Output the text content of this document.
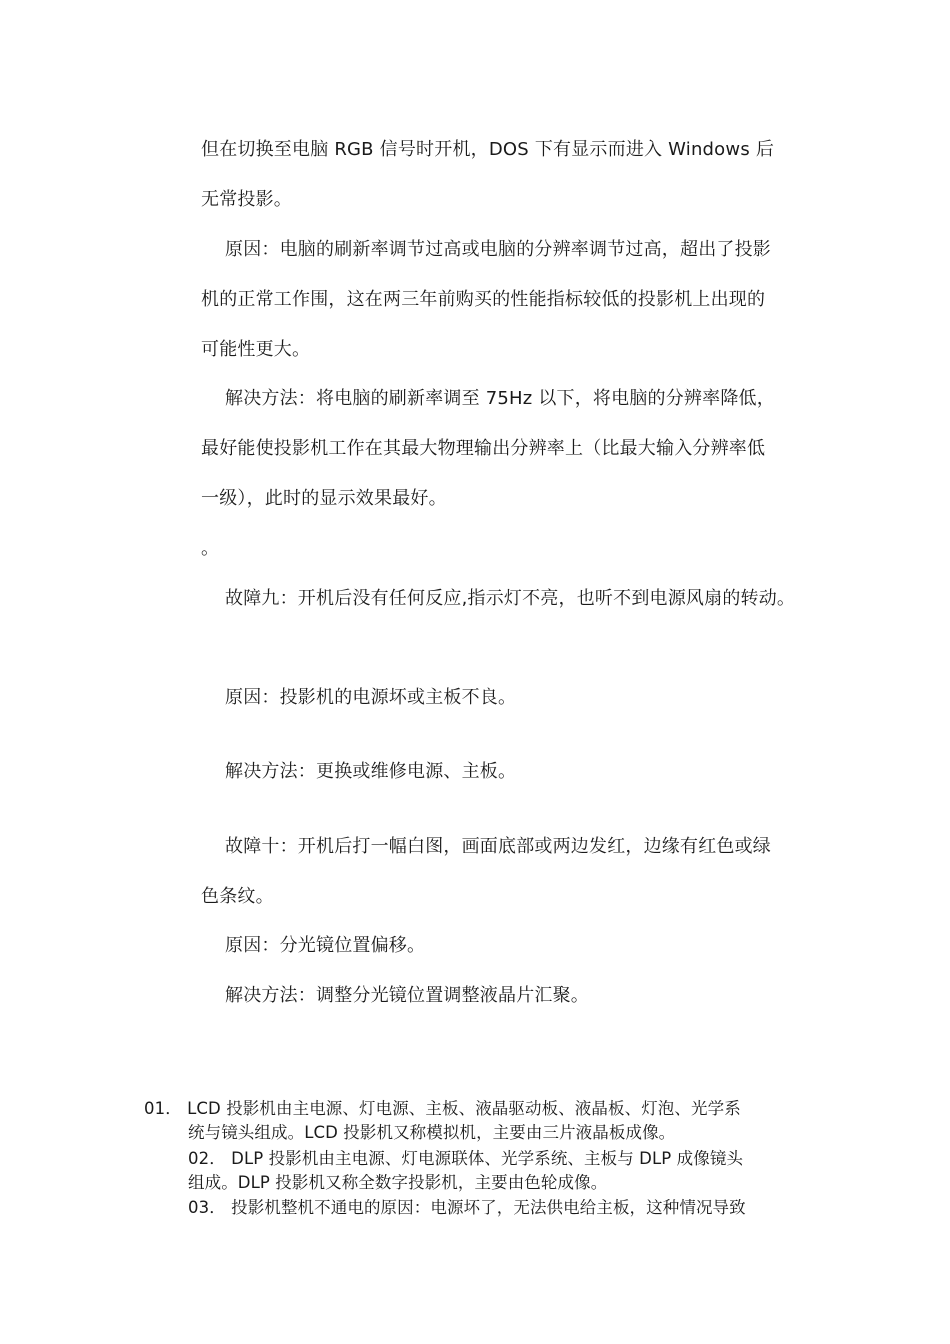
但在切换至电脑 RGB 信号时开机，DOS 下有显示而进入 Windows 后
无常投影。
原因：电脑的刷新率调节过高或电脑的分辨率调节过高，超出了投影
机的正常工作围，这在两三年前购买的性能指标较低的投影机上出现的
可能性更大。
解决方法：将电脑的刷新率调至 75Hz 以下，将电脑的分辨率降低，
最好能使投影机工作在其最大物理输出分辨率上（比最大输入分辨率低
一级），此时的显示效果最好。
。
故障九：开机后没有任何反应,指示灯不亮，也听不到电源风扇的转动。
原因：投影机的电源坏或主板不良。
解决方法：更换或维修电源、主板。
故障十：开机后打一幅白图，画面底部或两边发红，边缘有红色或绿
色条纹。
原因：分光镜位置偏移。
解决方法：调整分光镜位置调整液晶片汇聚。
01． LCD 投影机由主电源、灯电源、主板、液晶驱动板、液晶板、灯泡、光学系
统与镜头组成。LCD 投影机又称模拟机，主要由三片液晶板成像。
02． DLP 投影机由主电源、灯电源联体、光学系统、主板与 DLP 成像镜头
组成。DLP 投影机又称全数字投影机，主要由色轮成像。
03． 投影机整机不通电的原因：电源坏了，无法供电给主板，这种情况导致
